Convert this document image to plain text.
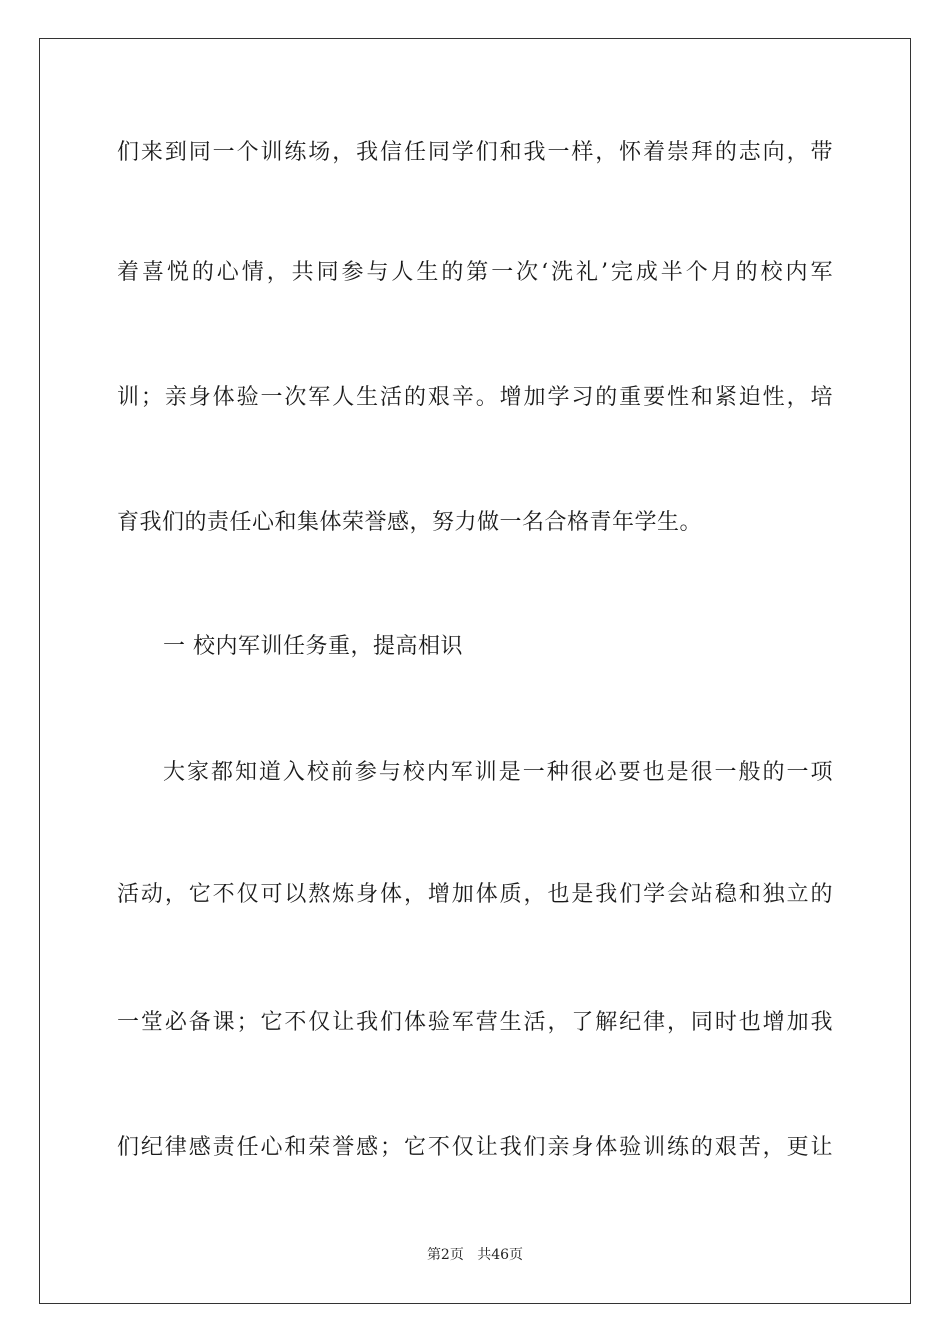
们来到同一个训练场，我信任同学们和我一样，怀着崇拜的志向，带
着喜悦的心情，共同参与人生的第一次‘洗礼’完成半个月的校内军
训；亲身体验一次军人生活的艰辛。增加学习的重要性和紧迫性，培
育我们的责任心和集体荣誉感，努力做一名合格青年学生。
一 校内军训任务重，提高相识
大家都知道入校前参与校内军训是一种很必要也是很一般的一项
活动，它不仅可以熬炼身体，增加体质，也是我们学会站稳和独立的
一堂必备课；它不仅让我们体验军营生活，了解纪律，同时也增加我
们纪律感责任心和荣誉感；它不仅让我们亲身体验训练的艰苦，更让
第2页 共46页
